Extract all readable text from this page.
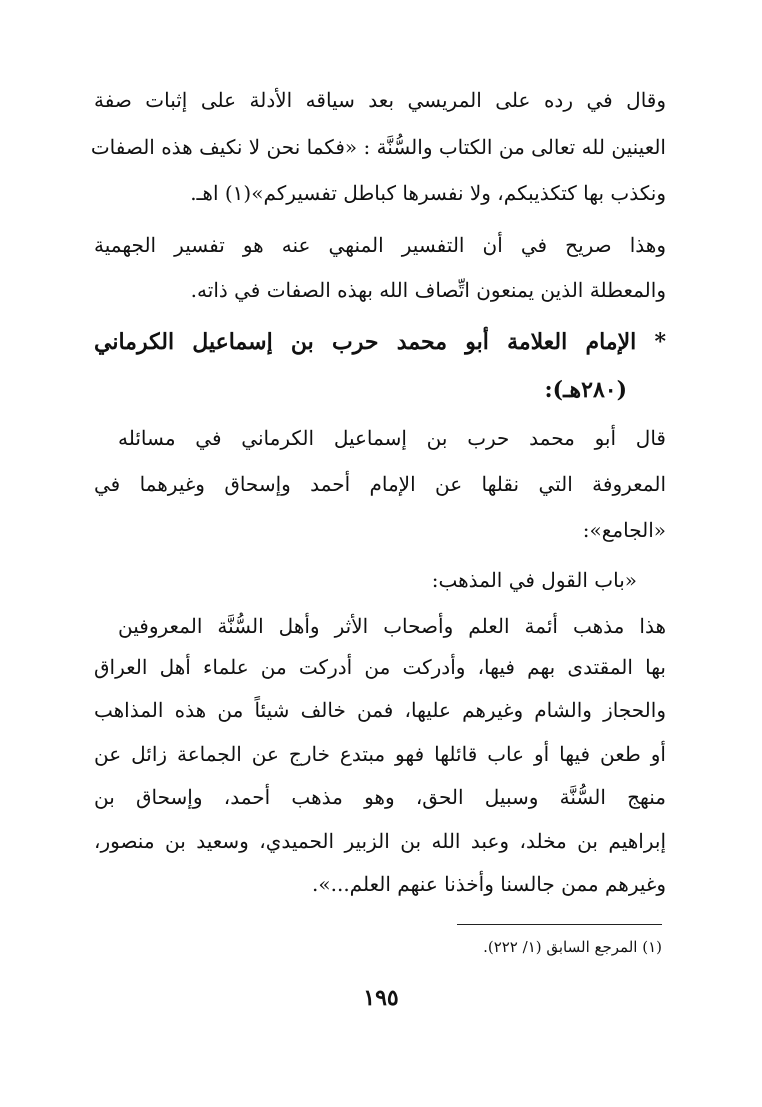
وقال في رده على المريسي بعد سياقه الأدلة على إثبات صفة
العينين لله تعالى من الكتاب والسُّنَّة : «فكما نحن لا نكيف هذه الصفات
ونكذب بها كتكذيبكم، ولا نفسرها كباطل تفسيركم»(١) اهـ.
وهذا صريح في أن التفسير المنهي عنه هو تفسير الجهمية
والمعطلة الذين يمنعون اتِّصاف الله بهذه الصفات في ذاته.
* الإمام العلامة أبو محمد حرب بن إسماعيل الكرماني
(٢٨٠هـ):
قال أبو محمد حرب بن إسماعيل الكرماني في مسائله
المعروفة التي نقلها عن الإمام أحمد وإسحاق وغيرهما في
«الجامع»:
«باب القول في المذهب:
هذا مذهب أئمة العلم وأصحاب الأثر وأهل السُّنَّة المعروفين
بها المقتدى بهم فيها، وأدركت من أدركت من علماء أهل العراق
والحجاز والشام وغيرهم عليها، فمن خالف شيئاً من هذه المذاهب
أو طعن فيها أو عاب قائلها فهو مبتدع خارج عن الجماعة زائل عن
منهج السُّنَّة وسبيل الحق، وهو مذهب أحمد، وإسحاق بن
إبراهيم بن مخلد، وعبد الله بن الزبير الحميدي، وسعيد بن منصور،
وغيرهم ممن جالسنا وأخذنا عنهم العلم...».
(١) المرجع السابق (١/ ٢٢٢).
١٩٥
